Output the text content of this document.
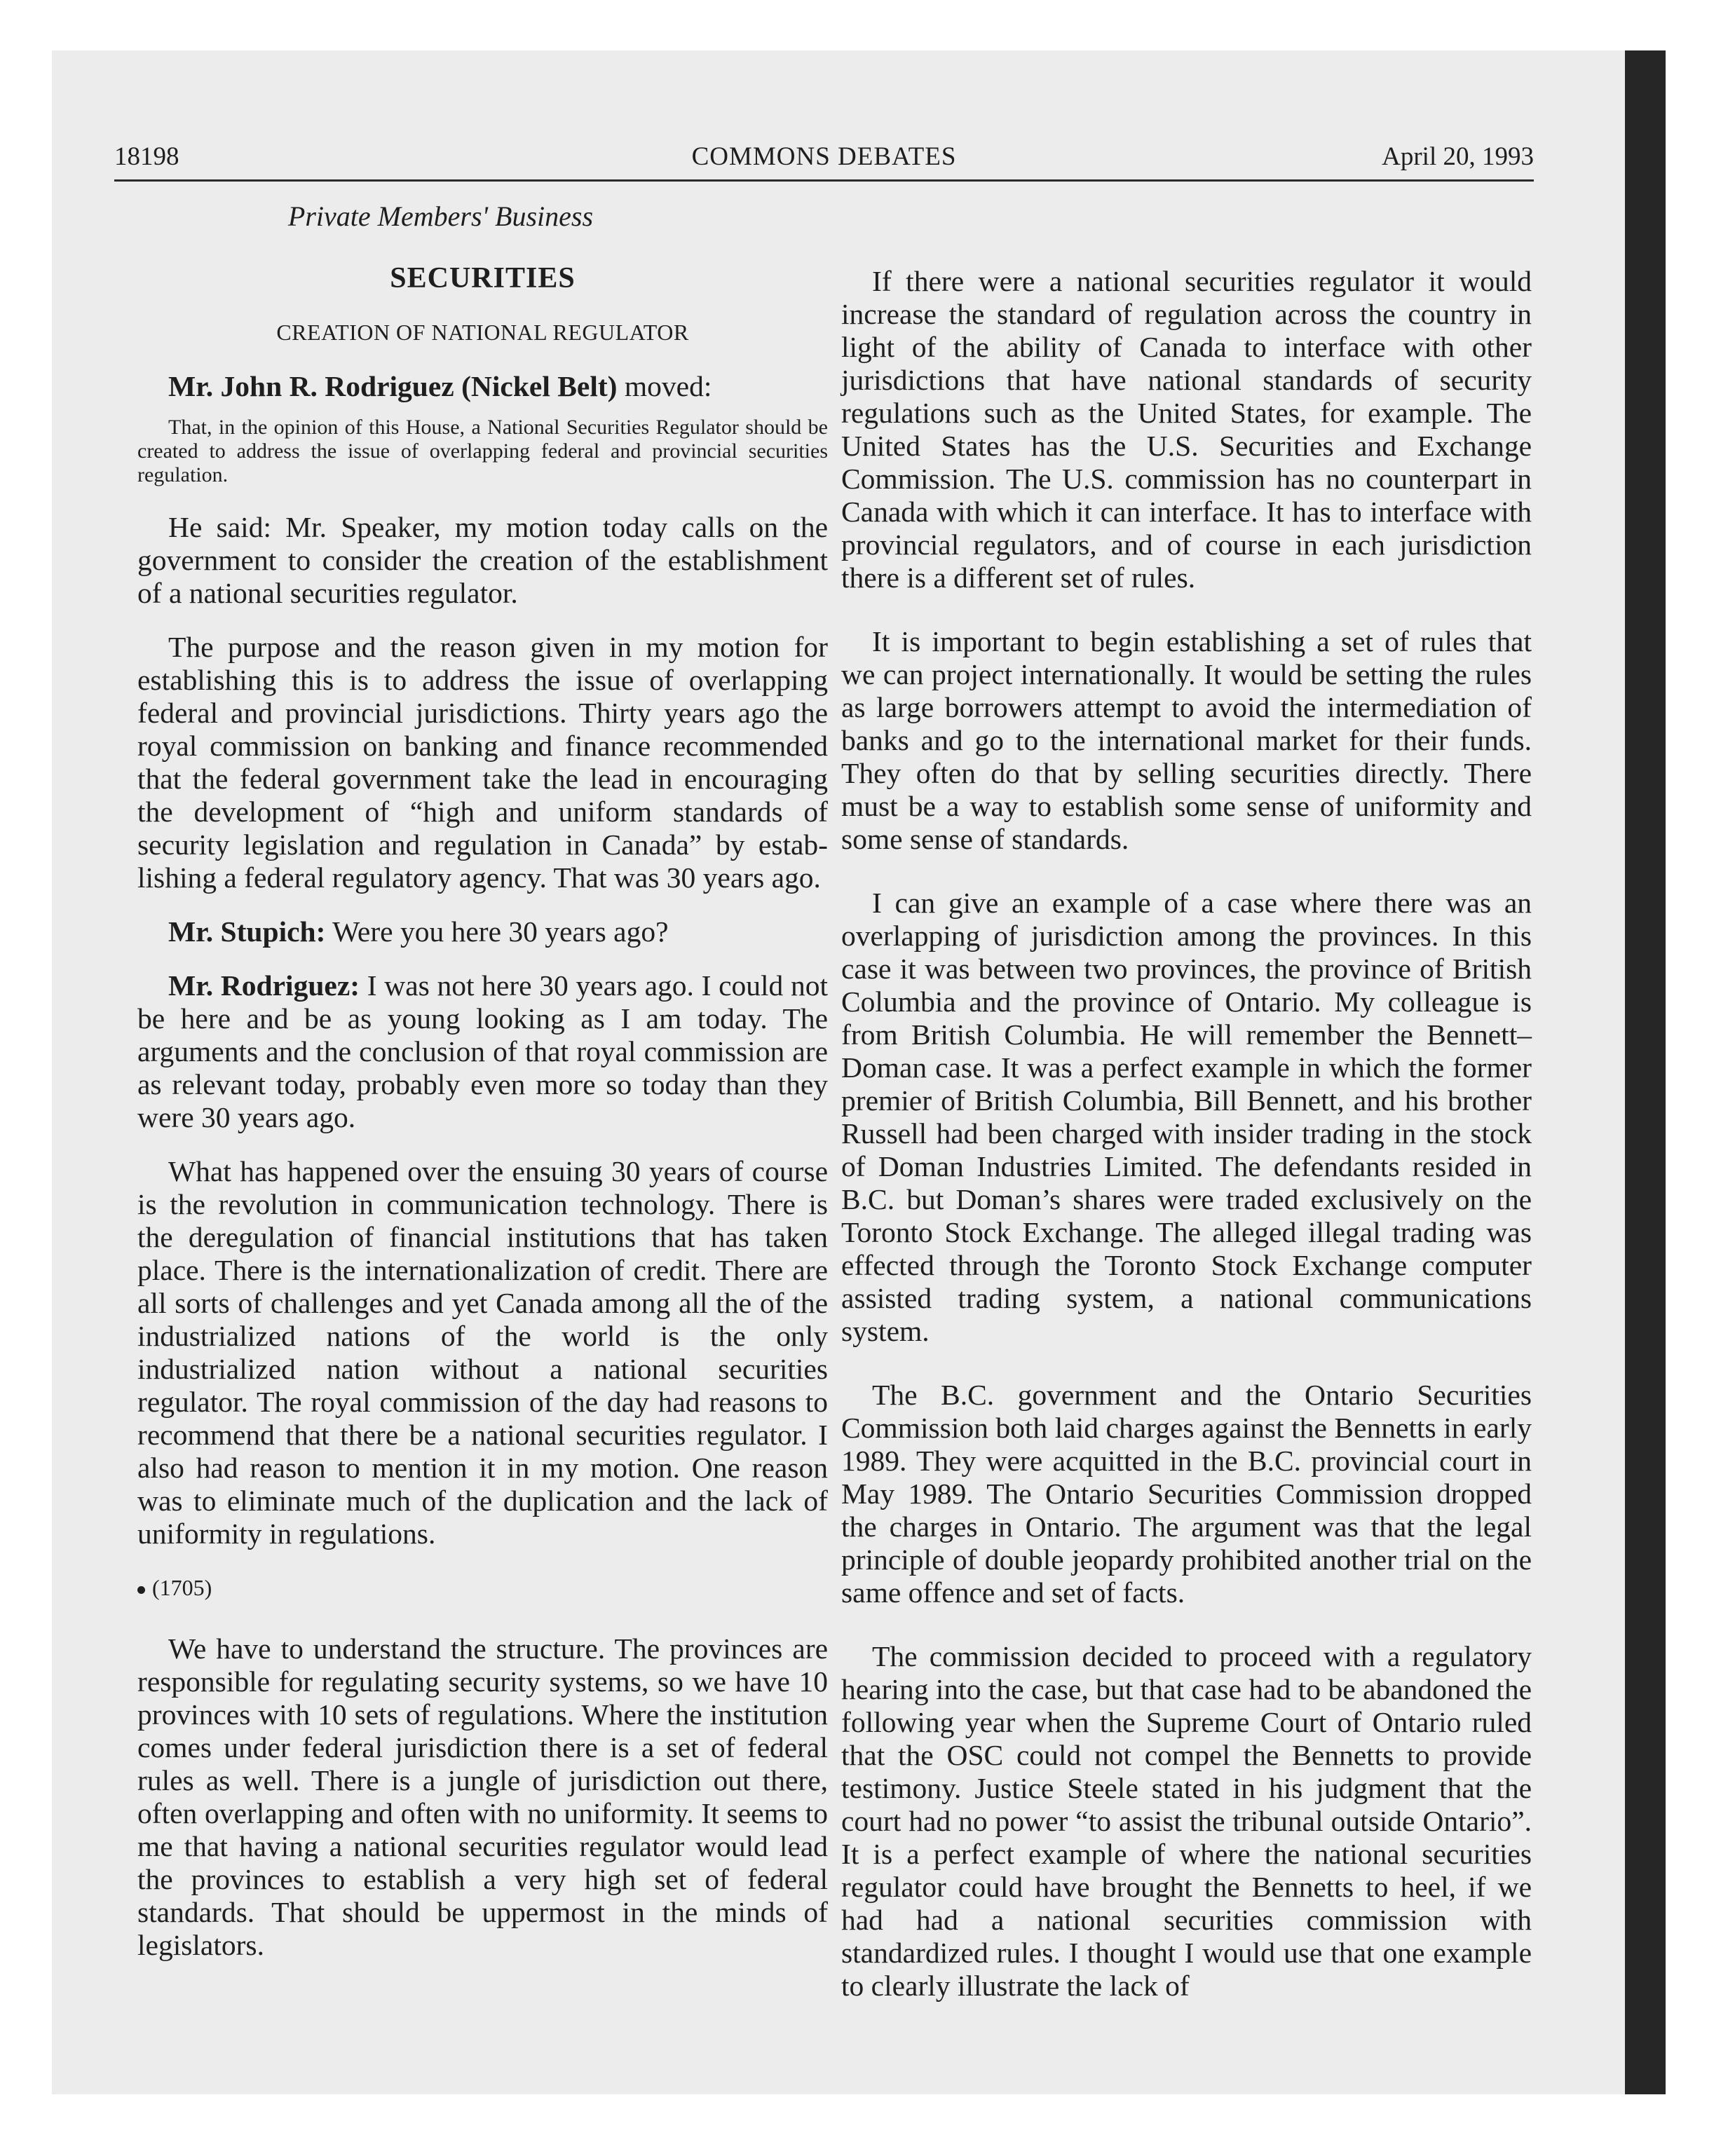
18198	COMMONS DEBATES	April 20, 1993
Private Members' Business
SECURITIES
CREATION OF NATIONAL REGULATOR
Mr. John R. Rodriguez (Nickel Belt) moved:
That, in the opinion of this House, a National Securities Regulator should be created to address the issue of overlapping federal and provincial securities regulation.

He said: Mr. Speaker, my motion today calls on the government to consider the creation of the establishment of a national securities regulator.

The purpose and the reason given in my motion for establishing this is to address the issue of overlapping federal and provincial jurisdictions. Thirty years ago the royal commission on banking and finance recommended that the federal government take the lead in encouraging the development of “high and uniform standards of security legislation and regulation in Canada” by establishing a federal regulatory agency. That was 30 years ago.

Mr. Stupich: Were you here 30 years ago?

Mr. Rodriguez: I was not here 30 years ago. I could not be here and be as young looking as I am today. The arguments and the conclusion of that royal commission are as relevant today, probably even more so today than they were 30 years ago.

What has happened over the ensuing 30 years of course is the revolution in communication technology. There is the deregulation of financial institutions that has taken place. There is the internationalization of credit. There are all sorts of challenges and yet Canada among all the of the industrialized nations of the world is the only industrialized nation without a national securities regulator. The royal commission of the day had reasons to recommend that there be a national securities regulator. I also had reason to mention it in my motion. One reason was to eliminate much of the duplication and the lack of uniformity in regulations.

(1705)

We have to understand the structure. The provinces are responsible for regulating security systems, so we have 10 provinces with 10 sets of regulations. Where the institution comes under federal jurisdiction there is a set of federal rules as well. There is a jungle of jurisdiction out there, often overlapping and often with no uniformity. It seems to me that having a national securities regulator would lead the provinces to establish a very high set of federal standards. That should be uppermost in the minds of legislators.

If there were a national securities regulator it would increase the standard of regulation across the country in light of the ability of Canada to interface with other jurisdictions that have national standards of security regulations such as the United States, for example. The United States has the U.S. Securities and Exchange Commission. The U.S. commission has no counterpart in Canada with which it can interface. It has to interface with provincial regulators, and of course in each jurisdiction there is a different set of rules.

It is important to begin establishing a set of rules that we can project internationally. It would be setting the rules as large borrowers attempt to avoid the intermediation of banks and go to the international market for their funds. They often do that by selling securities directly. There must be a way to establish some sense of uniformity and some sense of standards.

I can give an example of a case where there was an overlapping of jurisdiction among the provinces. In this case it was between two provinces, the province of British Columbia and the province of Ontario. My colleague is from British Columbia. He will remember the Bennett–Doman case. It was a perfect example in which the former premier of British Columbia, Bill Bennett, and his brother Russell had been charged with insider trading in the stock of Doman Industries Limited. The defendants resided in B.C. but Doman’s shares were traded exclusively on the Toronto Stock Exchange. The alleged illegal trading was effected through the Toronto Stock Exchange computer assisted trading system, a national communications system.

The B.C. government and the Ontario Securities Commission both laid charges against the Bennetts in early 1989. They were acquitted in the B.C. provincial court in May 1989. The Ontario Securities Commission dropped the charges in Ontario. The argument was that the legal principle of double jeopardy prohibited another trial on the same offence and set of facts.

The commission decided to proceed with a regulatory hearing into the case, but that case had to be abandoned the following year when the Supreme Court of Ontario ruled that the OSC could not compel the Bennetts to provide testimony. Justice Steele stated in his judgment that the court had no power “to assist the tribunal outside Ontario”. It is a perfect example of where the national securities regulator could have brought the Bennetts to heel, if we had had a national securities commission with standardized rules. I thought I would use that one example to clearly illustrate the lack of
